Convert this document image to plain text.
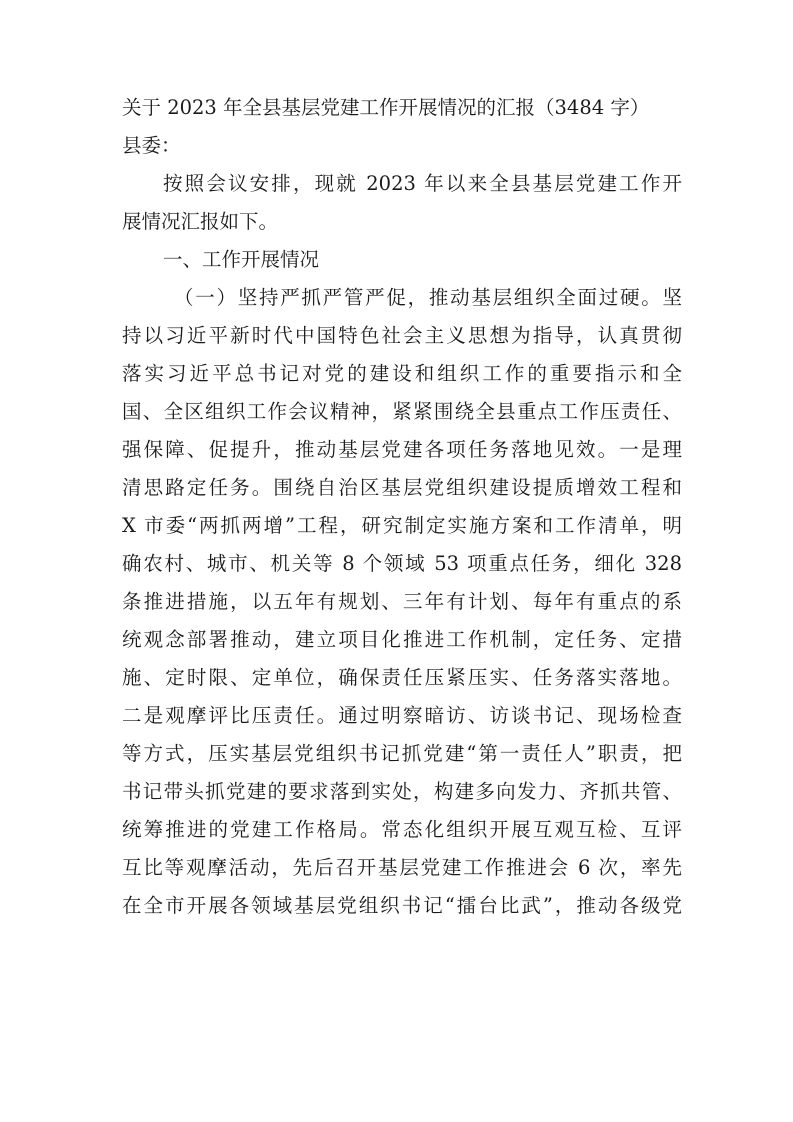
关于 2023 年全县基层党建工作开展情况的汇报（3484 字）
县委：
按照会议安排，现就 2023 年以来全县基层党建工作开
展情况汇报如下。
一、工作开展情况
（一）坚持严抓严管严促，推动基层组织全面过硬。坚
持以习近平新时代中国特色社会主义思想为指导，认真贯彻
落实习近平总书记对党的建设和组织工作的重要指示和全
国、全区组织工作会议精神，紧紧围绕全县重点工作压责任、
强保障、促提升，推动基层党建各项任务落地见效。一是理
清思路定任务。围绕自治区基层党组织建设提质增效工程和
X 市委“两抓两增”工程，研究制定实施方案和工作清单，明
确农村、城市、机关等 8 个领域 53 项重点任务，细化 328
条推进措施，以五年有规划、三年有计划、每年有重点的系
统观念部署推动，建立项目化推进工作机制，定任务、定措
施、定时限、定单位，确保责任压紧压实、任务落实落地。
二是观摩评比压责任。通过明察暗访、访谈书记、现场检查
等方式，压实基层党组织书记抓党建“第一责任人”职责，把
书记带头抓党建的要求落到实处，构建多向发力、齐抓共管、
统筹推进的党建工作格局。常态化组织开展互观互检、互评
互比等观摩活动，先后召开基层党建工作推进会 6 次，率先
在全市开展各领域基层党组织书记“擂台比武”，推动各级党
